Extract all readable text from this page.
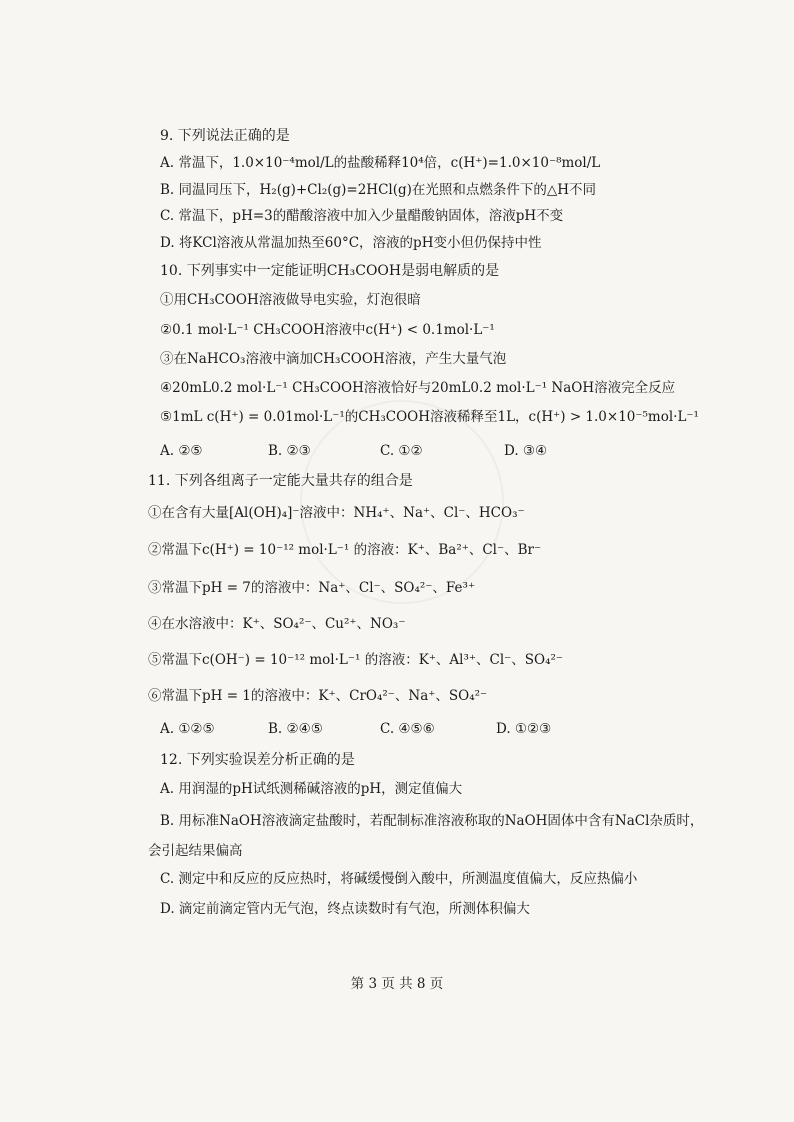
9. 下列说法正确的是
A. 常温下，1.0×10⁻⁴mol/L的盐酸稀释10⁴倍，c(H⁺)=1.0×10⁻⁸mol/L
B. 同温同压下，H₂(g)+Cl₂(g)=2HCl(g)在光照和点燃条件下的△H不同
C. 常温下，pH=3的醋酸溶液中加入少量醋酸钠固体，溶液pH不变
D. 将KCl溶液从常温加热至60°C，溶液的pH变小但仍保持中性
10. 下列事实中一定能证明CH₃COOH是弱电解质的是
①用CH₃COOH溶液做导电实验，灯泡很暗
②0.1 mol·L⁻¹ CH₃COOH溶液中c(H⁺) < 0.1mol·L⁻¹
③在NaHCO₃溶液中滴加CH₃COOH溶液，产生大量气泡
④20mL0.2 mol·L⁻¹ CH₃COOH溶液恰好与20mL0.2 mol·L⁻¹ NaOH溶液完全反应
⑤1mL c(H⁺) = 0.01mol·L⁻¹的CH₃COOH溶液稀释至1L，c(H⁺) > 1.0×10⁻⁵mol·L⁻¹
A. ②⑤	B. ②③	C. ①②	D. ③④
11. 下列各组离子一定能大量共存的组合是
①在含有大量[Al(OH)₄]⁻溶液中：NH₄⁺、Na⁺、Cl⁻、HCO₃⁻
②常温下c(H⁺) = 10⁻¹² mol·L⁻¹ 的溶液：K⁺、Ba²⁺、Cl⁻、Br⁻
③常温下pH = 7的溶液中：Na⁺、Cl⁻、SO₄²⁻、Fe³⁺
④在水溶液中：K⁺、SO₄²⁻、Cu²⁺、NO₃⁻
⑤常温下c(OH⁻) = 10⁻¹² mol·L⁻¹ 的溶液：K⁺、Al³⁺、Cl⁻、SO₄²⁻
⑥常温下pH = 1的溶液中：K⁺、CrO₄²⁻、Na⁺、SO₄²⁻
A. ①②⑤	B. ②④⑤	C. ④⑤⑥	D. ①②③
12. 下列实验误差分析正确的是
A. 用润湿的pH试纸测稀碱溶液的pH，测定值偏大
B. 用标准NaOH溶液滴定盐酸时，若配制标准溶液称取的NaOH固体中含有NaCl杂质时，
会引起结果偏高
C. 测定中和反应的反应热时，将碱缓慢倒入酸中，所测温度值偏大，反应热偏小
D. 滴定前滴定管内无气泡，终点读数时有气泡，所测体积偏大
第 3 页 共 8 页
